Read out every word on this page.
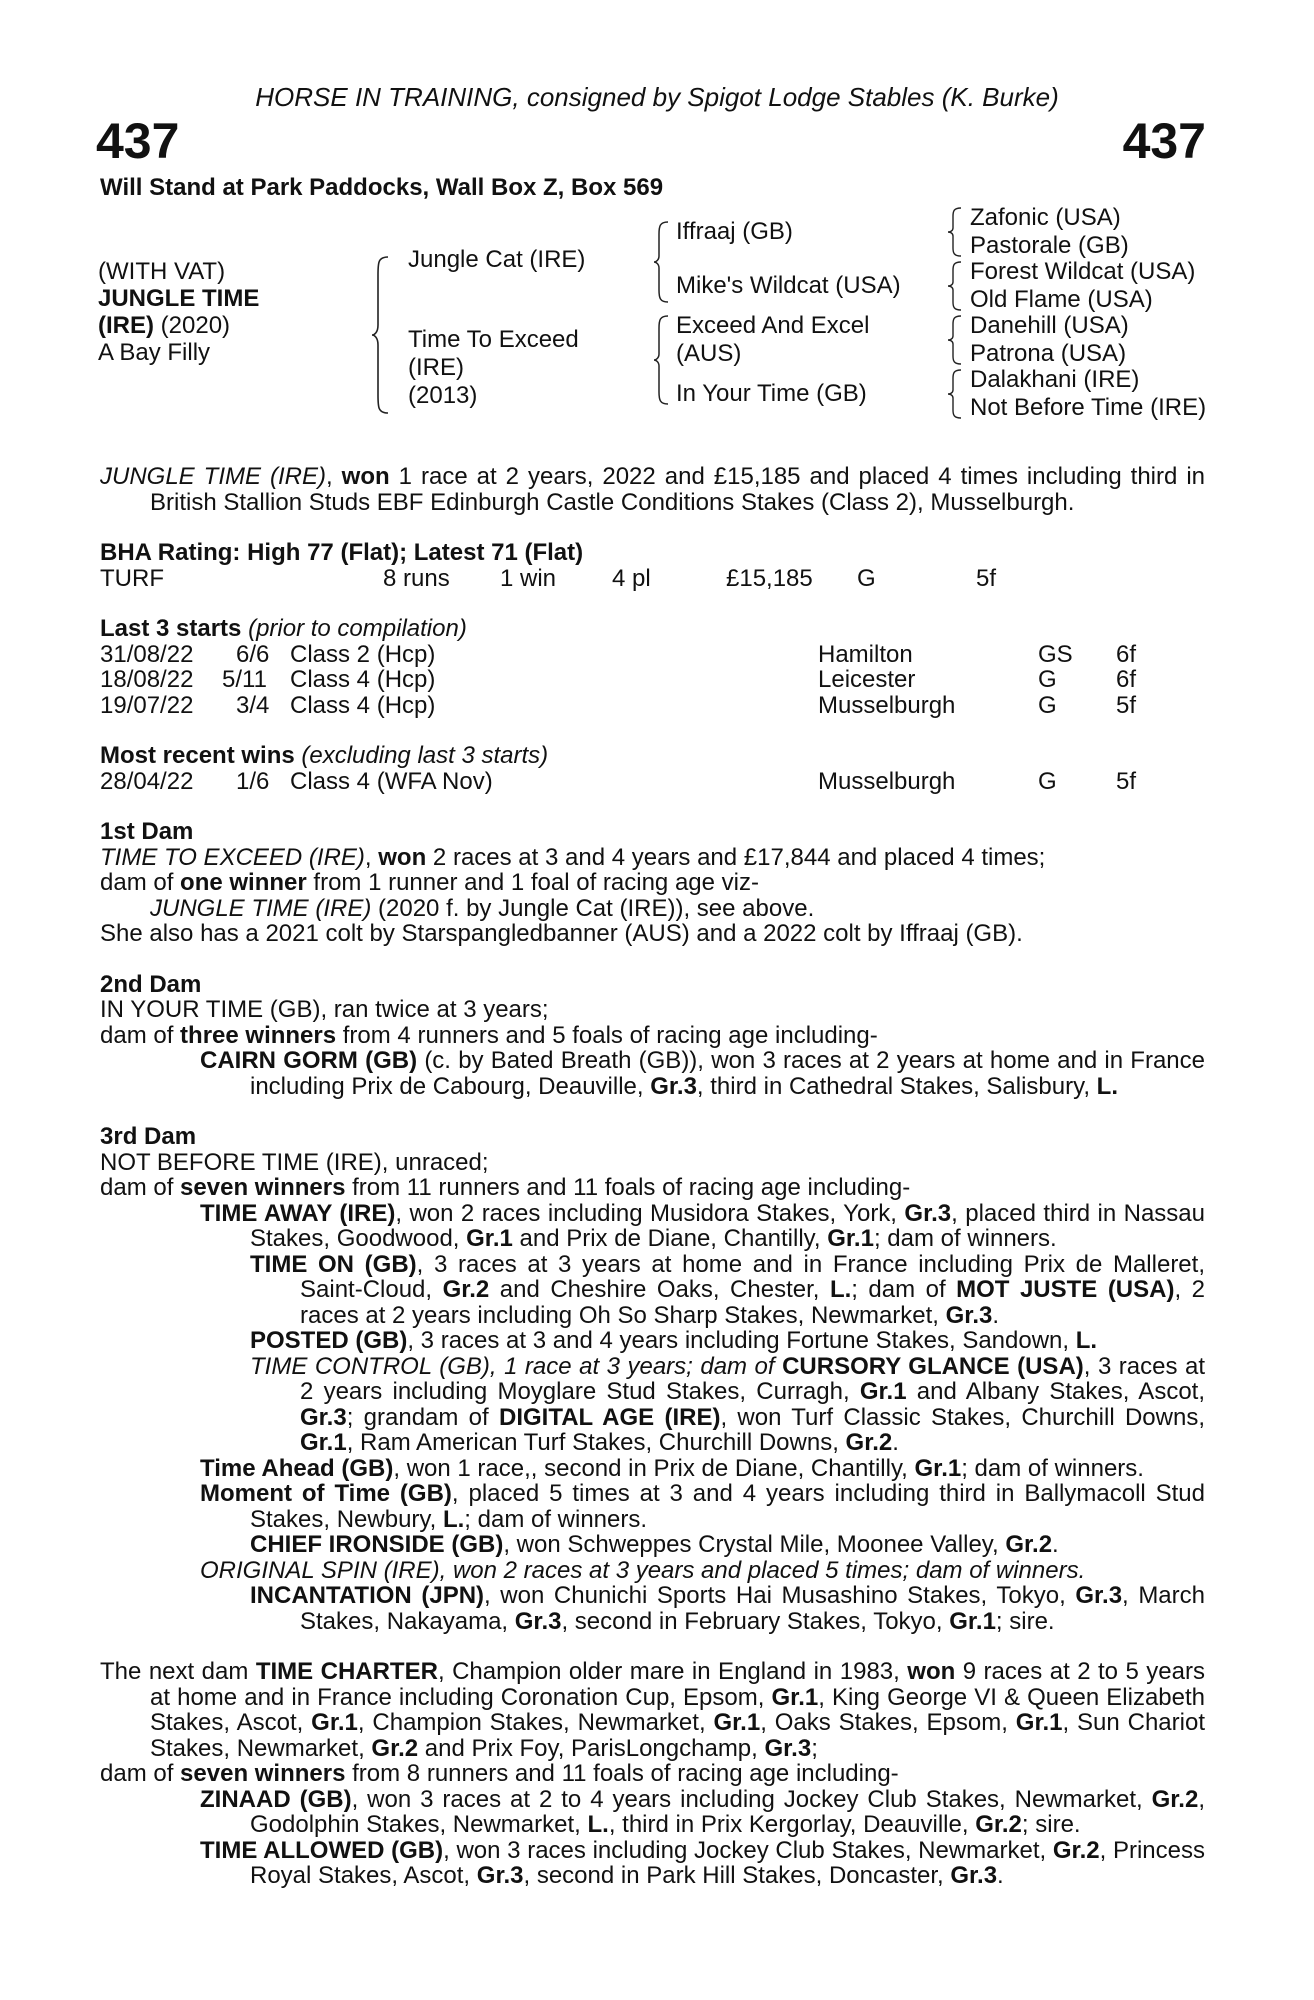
HORSE IN TRAINING, consigned by Spigot Lodge Stables (K. Burke)
437	437
Will Stand at Park Paddocks, Wall Box Z, Box 569
(WITH VAT)
JUNGLE TIME
(IRE) (2020)
A Bay Filly
Jungle Cat (IRE)
Time To Exceed
(IRE)
(2013)
Iffraaj (GB)
Mike's Wildcat (USA)
Exceed And Excel
(AUS)
In Your Time (GB)
Zafonic (USA)
Pastorale (GB)
Forest Wildcat (USA)
Old Flame (USA)
Danehill (USA)
Patrona (USA)
Dalakhani (IRE)
Not Before Time (IRE)

JUNGLE TIME (IRE), won 1 race at 2 years, 2022 and £15,185 and placed 4 times including third in British Stallion Studs EBF Edinburgh Castle Conditions Stakes (Class 2), Musselburgh.

BHA Rating: High 77 (Flat); Latest 71 (Flat)
TURF	8 runs 1 win 4 pl	£15,185 G	5f
Last 3 starts (prior to compilation)
31/08/22 6/6 Class 2 (Hcp)	Hamilton	GS 6f
18/08/22 5/11 Class 4 (Hcp)	Leicester	G 6f
19/07/22 3/4 Class 4 (Hcp)	Musselburgh	G 5f
Most recent wins (excluding last 3 starts)
28/04/22 1/6 Class 4 (WFA Nov)	Musselburgh	G 5f
1st Dam
TIME TO EXCEED (IRE), won 2 races at 3 and 4 years and £17,844 and placed 4 times;
dam of one winner from 1 runner and 1 foal of racing age viz-
JUNGLE TIME (IRE) (2020 f. by Jungle Cat (IRE)), see above.
She also has a 2021 colt by Starspangledbanner (AUS) and a 2022 colt by Iffraaj (GB).
2nd Dam
IN YOUR TIME (GB), ran twice at 3 years;
dam of three winners from 4 runners and 5 foals of racing age including-

CAIRN GORM (GB) (c. by Bated Breath (GB)), won 3 races at 2 years at home and in France including Prix de Cabourg, Deauville, Gr.3, third in Cathedral Stakes, Salisbury, L.

3rd Dam
NOT BEFORE TIME (IRE), unraced;
dam of seven winners from 11 runners and 11 foals of racing age including-

TIME AWAY (IRE), won 2 races including Musidora Stakes, York, Gr.3, placed third in Nassau Stakes, Goodwood, Gr.1 and Prix de Diane, Chantilly, Gr.1; dam of winners.

TIME ON (GB), 3 races at 3 years at home and in France including Prix de Malleret, Saint-Cloud, Gr.2 and Cheshire Oaks, Chester, L.; dam of MOT JUSTE (USA), 2 races at 2 years including Oh So Sharp Stakes, Newmarket, Gr.3.

POSTED (GB), 3 races at 3 and 4 years including Fortune Stakes, Sandown, L.

TIME CONTROL (GB), 1 race at 3 years; dam of CURSORY GLANCE (USA), 3 races at 2 years including Moyglare Stud Stakes, Curragh, Gr.1 and Albany Stakes, Ascot, Gr.3; grandam of DIGITAL AGE (IRE), won Turf Classic Stakes, Churchill Downs, Gr.1, Ram American Turf Stakes, Churchill Downs, Gr.2.

Time Ahead (GB), won 1 race,, second in Prix de Diane, Chantilly, Gr.1; dam of winners.

Moment of Time (GB), placed 5 times at 3 and 4 years including third in Ballymacoll Stud Stakes, Newbury, L.; dam of winners.

CHIEF IRONSIDE (GB), won Schweppes Crystal Mile, Moonee Valley, Gr.2.

ORIGINAL SPIN (IRE), won 2 races at 3 years and placed 5 times; dam of winners.

INCANTATION (JPN), won Chunichi Sports Hai Musashino Stakes, Tokyo, Gr.3, March Stakes, Nakayama, Gr.3, second in February Stakes, Tokyo, Gr.1; sire.

The next dam TIME CHARTER, Champion older mare in England in 1983, won 9 races at 2 to 5 years at home and in France including Coronation Cup, Epsom, Gr.1, King George VI & Queen Elizabeth Stakes, Ascot, Gr.1, Champion Stakes, Newmarket, Gr.1, Oaks Stakes, Epsom, Gr.1, Sun Chariot Stakes, Newmarket, Gr.2 and Prix Foy, ParisLongchamp, Gr.3;

dam of seven winners from 8 runners and 11 foals of racing age including-

ZINAAD (GB), won 3 races at 2 to 4 years including Jockey Club Stakes, Newmarket, Gr.2, Godolphin Stakes, Newmarket, L., third in Prix Kergorlay, Deauville, Gr.2; sire.

TIME ALLOWED (GB), won 3 races including Jockey Club Stakes, Newmarket, Gr.2, Princess Royal Stakes, Ascot, Gr.3, second in Park Hill Stakes, Doncaster, Gr.3.
